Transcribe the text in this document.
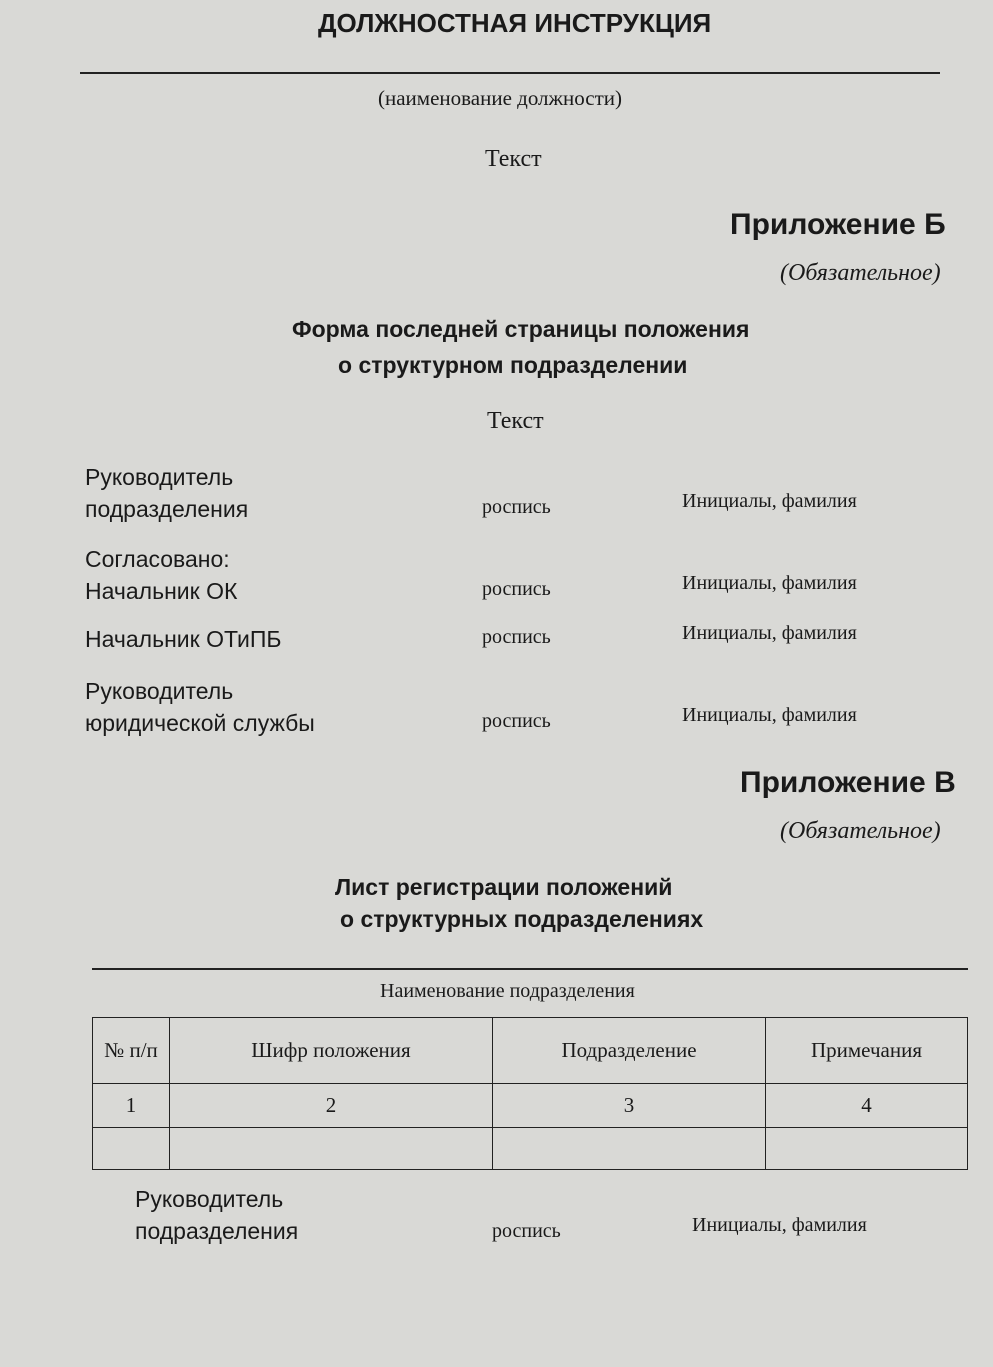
ДОЛЖНОСТНАЯ ИНСТРУКЦИЯ
(наименование должности)
Текст
Приложение Б
(Обязательное)
Форма последней страницы положения
о структурном подразделении
Текст
Руководитель
подразделения	роспись	Инициалы, фамилия
Согласовано:
Начальник ОК	роспись	Инициалы, фамилия
Начальник ОТиПБ	роспись	Инициалы, фамилия
Руководитель
юридической службы	роспись	Инициалы, фамилия
Приложение В
(Обязательное)
Лист регистрации положений
о структурных подразделениях
Наименование подразделения
№ п/п	Шифр положения	Подразделение	Примечания
1	2	3	4

Руководитель
подразделения	роспись	Инициалы, фамилия
